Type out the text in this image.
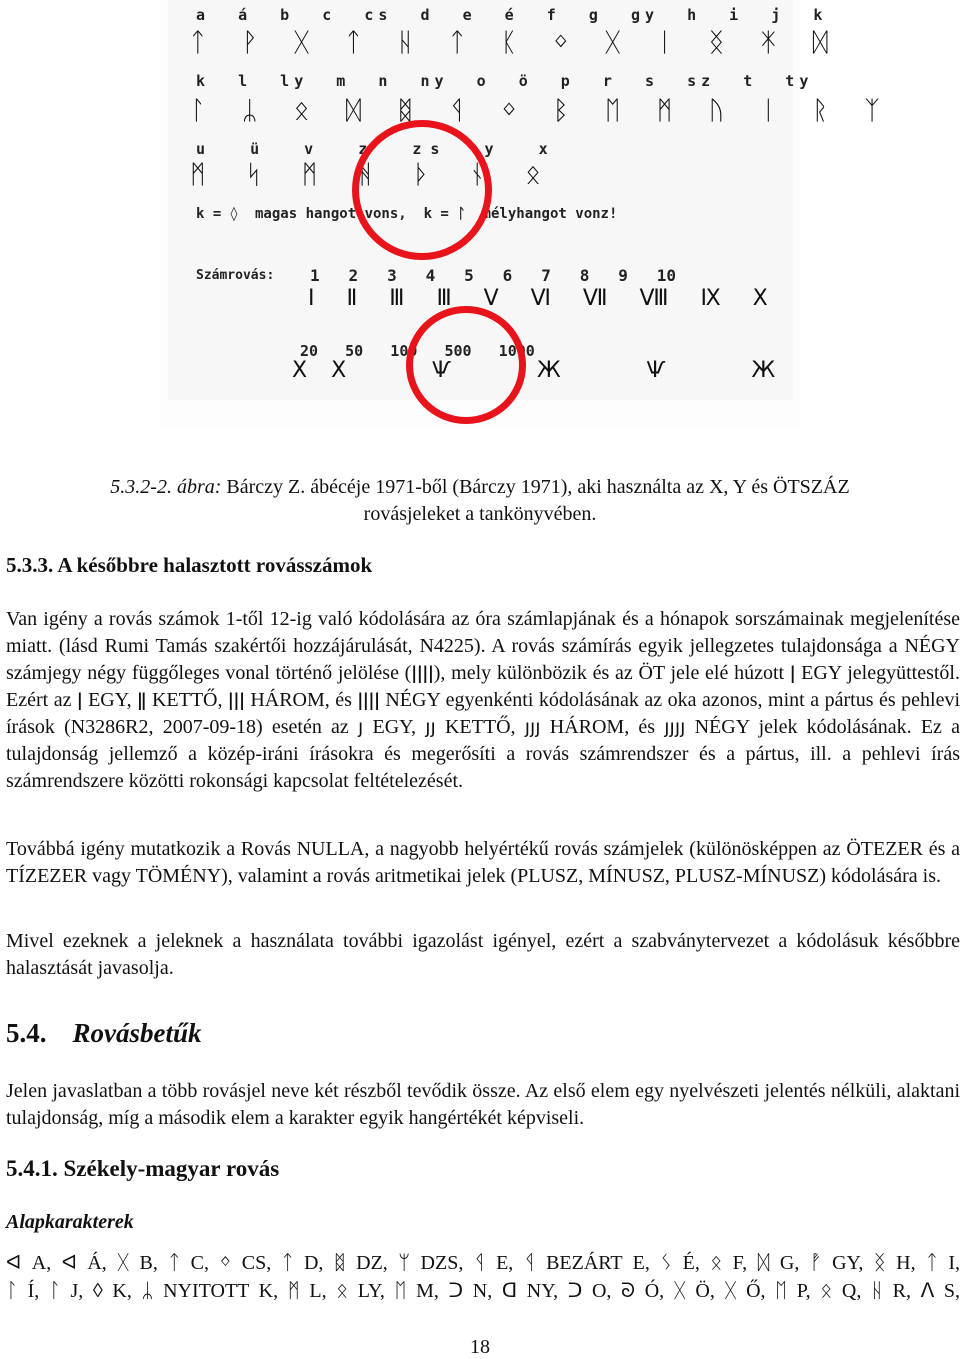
a  á  b  c  cs  d  e  é  f  g  gy  h  i  j  k
ᛏ ᚹ ᚷ ᛏ ᚺ ᛏ ᛕ ᛜ ᚷ ᛁ ᛝ ᛡ ᛞ
k  l  ly  m  n  ny  o  ö  p  r  s  sz  t  ty
ᛚ ᛦ ᛟ ᛞ ᛥ ᛩ ᛜ ᛒ ᛖ ᛗ ᚢ ᛁ ᚱ ᛉ
u  ü  v  z  zs  y  x
ᛗ ᛋ ᛗ ᚻ ᚦ ᚾ ᛟ
k = ◊  magas hangot vons,  k = ᛚ  mélyhangot vonz!
Számrovás: 1   2   3   4   5   6   7   8   9   10
Ⅰ  Ⅱ  Ⅲ  Ⅲ  Ⅴ  Ⅵ  Ⅶ  Ⅷ  Ⅸ  Ⅹ
20   50   100   500   1000
ⅩⅩ  Ѱ  Ж  Ѱ  Ж
5.3.2-2. ábra: Bárczy Z. ábécéje 1971-ből (Bárczy 1971), aki használta az X, Y és ÖTSZÁZ
rovásjeleket a tankönyvében.
5.3.3. A későbbre halasztott rovásszámok
Van igény a rovás számok 1-től 12-ig való kódolására az óra számlapjának és a hónapok sorszámainak megjelenítése miatt. (lásd Rumi Tamás szakértői hozzájárulását, N4225). A rovás számírás egyik jellegzetes tulajdonsága a NÉGY számjegy négy függőleges vonal történő jelölése (ǀǀǀǀ), mely különbözik és az ÖT jele elé húzott ǀ EGY jelegyüttestől. Ezért az ǀ EGY, ǁ KETTŐ, ǀǀǀ HÁROM, és ǀǀǀǀ NÉGY egyenkénti kódolásának az oka azonos, mint a pártus és pehlevi írások (N3286R2, 2007-09-18) esetén az ȷ EGY, ȷȷ KETTŐ, ȷȷȷ HÁROM, és ȷȷȷȷ NÉGY jelek kódolásának. Ez a tulajdonság jellemző a közép-iráni írásokra és megerősíti a rovás számrendszer és a pártus, ill. a pehlevi írás számrendszere közötti rokonsági kapcsolat feltételezését.
Továbbá igény mutatkozik a Rovás NULLA, a nagyobb helyértékű rovás számjelek (különösképpen az ÖTEZER és a TÍZEZER vagy TÖMÉNY), valamint a rovás aritmetikai jelek (PLUSZ, MÍNUSZ, PLUSZ-MÍNUSZ) kódolására is.
Mivel ezeknek a jeleknek a használata további igazolást igényel, ezért a szabványtervezet a kódolásuk későbbre halasztását javasolja.
5.4. Rovásbetűk
Jelen javaslatban a több rovásjel neve két részből tevődik össze. Az első elem egy nyelvészeti jelentés nélküli, alaktani tulajdonság, míg a második elem a karakter egyik hangértékét képviseli.
5.4.1. Székely-magyar rovás
Alapkarakterek
ᐊ A, ᐊ Á, ᚷ B, ᛏ C, ᛜ CS, ᛏ D, ᛥ DZ, ᛘ DZS, ᛩ E, ᛩ BEZÁRT E, ᛊ É, ᛟ F, ᛞ G, ᚡ GY, ᛝ H, ᛏ I,
ᛚ Í, ᛚ J, ◊ K, ᛦ NYITOTT K, ᛗ L, ᛟ LY, ᛖ M, ᑐ N, ᗡ NY, ᑐ O, ᘐ Ó, ᚷ Ö, ᚷ Ő, ᛖ P, ᛟ Q, ᚺ R, ᐱ S,
18
